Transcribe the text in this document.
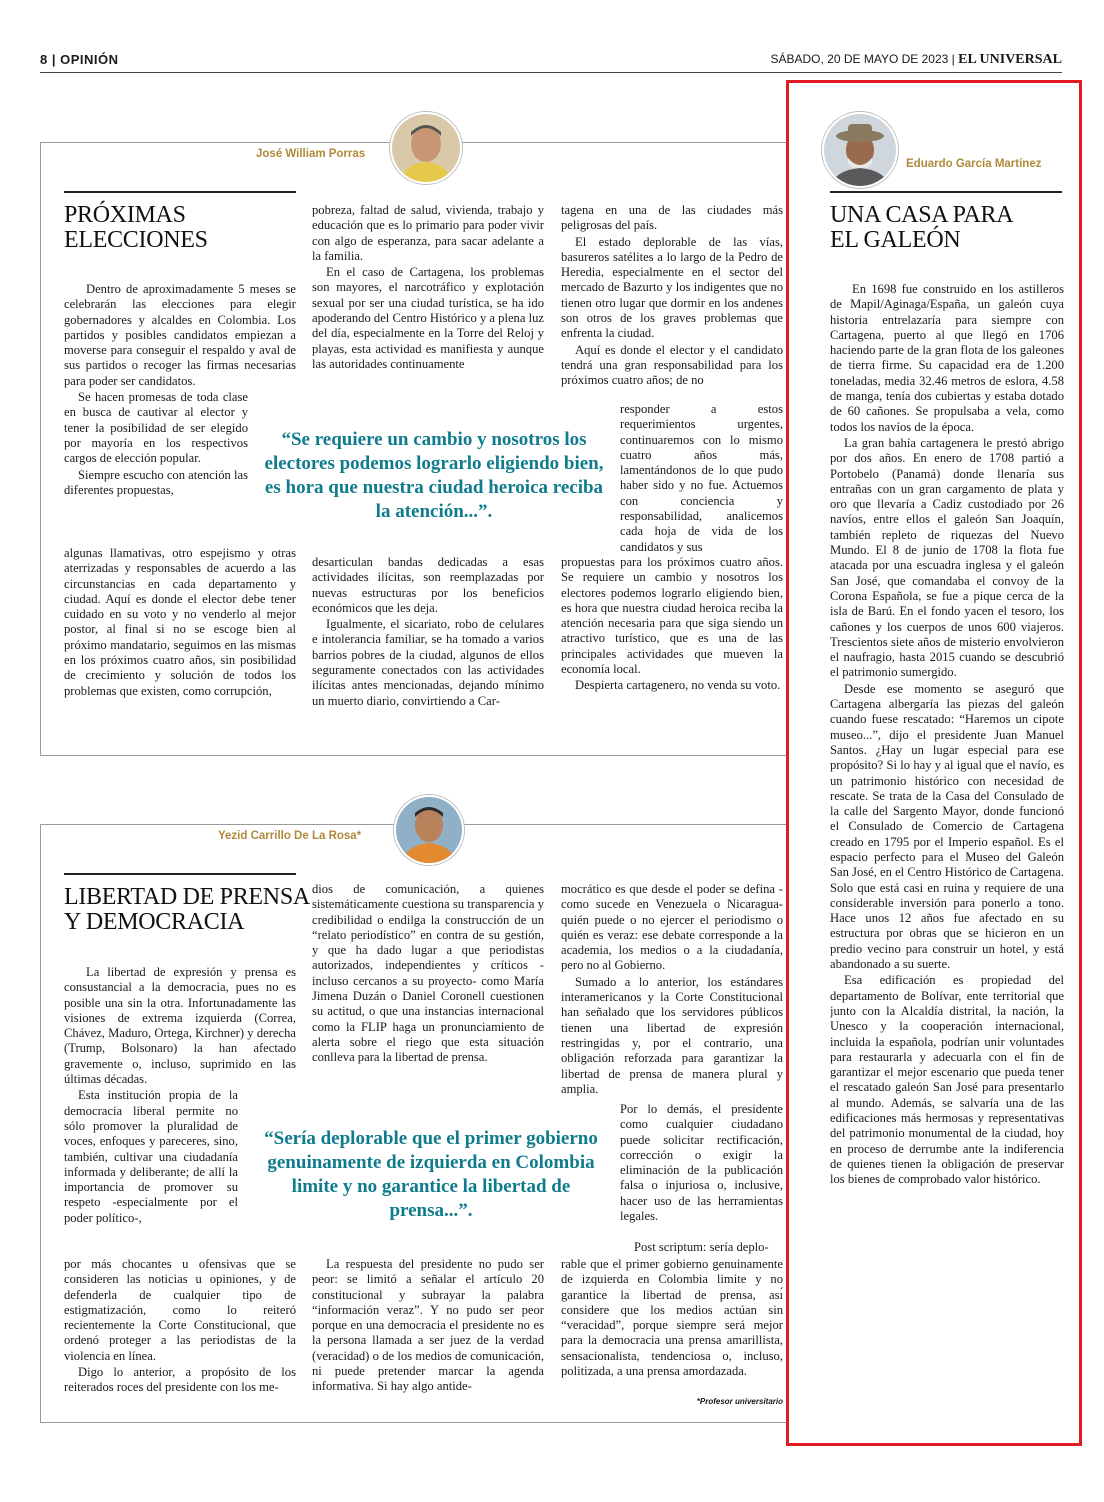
8 | OPINIÓN	SÁBADO, 20 DE MAYO DE 2023 | EL UNIVERSAL
José William Porras
PRÓXIMAS
ELECCIONES

Dentro de aproximadamente 5 meses se celebrarán las elecciones para elegir gobernadores y alcaldes en Colombia. Los partidos y posibles candidatos empiezan a moverse para conseguir el respaldo y aval de sus partidos o recoger las firmas necesarias para poder ser candidatos.

Se hacen promesas de toda clase en busca de cautivar al elector y tener la posibilidad de ser elegido por mayoría en los respectivos cargos de elección popular.

Siempre escucho con atención las diferentes propuestas,

algunas llamativas, otro espejismo y otras aterrizadas y responsables de acuerdo a las circunstancias en cada departamento y ciudad. Aquí es donde el elector debe tener cuidado en su voto y no venderlo al mejor postor, al final si no se escoge bien al próximo mandatario, seguimos en las mismas en los próximos cuatro años, sin posibilidad de crecimiento y solución de todos los problemas que existen, como corrupción,

pobreza, faltad de salud, vivienda, trabajo y educación que es lo primario para poder vivir con algo de esperanza, para sacar adelante a la familia.

En el caso de Cartagena, los problemas son mayores, el narcotráfico y explotación sexual por ser una ciudad turística, se ha ido apoderando del Centro Histórico y a plena luz del día, especialmente en la Torre del Reloj y playas, esta actividad es manifiesta y aunque las autoridades continuamente

“Se requiere un cambio y nosotros los electores podemos lograrlo eligiendo bien, es hora que nuestra ciudad heroica reciba la atención...”.

desarticulan bandas dedicadas a esas actividades ilícitas, son reemplazadas por nuevas estructuras por los beneficios económicos que les deja.

Igualmente, el sicariato, robo de celulares e intolerancia familiar, se ha tomado a varios barrios pobres de la ciudad, algunos de ellos seguramente conectados con las actividades ilícitas antes mencionadas, dejando mínimo un muerto diario, convirtiendo a Car-

tagena en una de las ciudades más peligrosas del país.

El estado deplorable de las vías, basureros satélites a lo largo de la Pedro de Heredia, especialmente en el sector del mercado de Bazurto y los indigentes que no tienen otro lugar que dormir en los andenes son otros de los graves problemas que enfrenta la ciudad.

Aquí es donde el elector y el candidato tendrá una gran responsabilidad para los próximos cuatro años; de no

responder a estos requerimientos urgentes, continuaremos con lo mismo cuatro años más, lamentándonos de lo que pudo haber sido y no fue. Actuemos con conciencia y responsabilidad, analicemos cada hoja de vida de los candidatos y sus

propuestas para los próximos cuatro años. Se requiere un cambio y nosotros los electores podemos lograrlo eligiendo bien, es hora que nuestra ciudad heroica reciba la atención necesaria para que siga siendo un atractivo turístico, que es una de las principales actividades que mueven la economía local.

Despierta cartagenero, no venda su voto.

Yezid Carrillo De La Rosa*
LIBERTAD DE PRENSA
Y DEMOCRACIA

La libertad de expresión y prensa es consustancial a la democracia, pues no es posible una sin la otra. Infortunadamente las visiones de extrema izquierda (Correa, Chávez, Maduro, Ortega, Kirchner) y derecha (Trump, Bolsonaro) la han afectado gravemente o, incluso, suprimido en las últimas décadas.

Esta institución propia de la democracia liberal permite no sólo promover la pluralidad de voces, enfoques y pareceres, sino, también, cultivar una ciudadanía informada y deliberante; de allí la importancia de promover su respeto -especialmente por el poder político-,

por más chocantes u ofensivas que se consideren las noticias u opiniones, y de defenderla de cualquier tipo de estigmatización, como lo reiteró recientemente la Corte Constitucional, que ordenó proteger a las periodistas de la violencia en línea.

Digo lo anterior, a propósito de los reiterados roces del presidente con los me-

dios de comunicación, a quienes sistemáticamente cuestiona su transparencia y credibilidad o endilga la construcción de un “relato periodístico” en contra de su gestión, y que ha dado lugar a que periodistas autorizados, independientes y críticos - incluso cercanos a su proyecto- como María Jimena Duzán o Daniel Coronell cuestionen su actitud, o que una instancias internacional como la FLIP haga un pronunciamiento de alerta sobre el riego que esta situación conlleva para la libertad de prensa.

“Sería deplorable que el primer gobierno genuinamente de izquierda en Colombia limite y no garantice la libertad de prensa...”.

La respuesta del presidente no pudo ser peor: se limitó a señalar el artículo 20 constitucional y subrayar la palabra “información veraz”. Y no pudo ser peor porque en una democracia el presidente no es la persona llamada a ser juez de la verdad (veracidad) o de los medios de comunicación, ni puede pretender marcar la agenda informativa. Si hay algo antide-

mocrático es que desde el poder se defina -como sucede en Venezuela o Nicaragua- quién puede o no ejercer el periodismo o quién es veraz: ese debate corresponde a la academia, los medios o a la ciudadanía, pero no al Gobierno.

Sumado a lo anterior, los estándares interamericanos y la Corte Constitucional han señalado que los servidores públicos tienen una libertad de expresión restringidas y, por el contrario, una obligación reforzada para garantizar la libertad de prensa de manera plural y amplia.

Por lo demás, el presidente como cualquier ciudadano puede solicitar rectificación, corrección o exigir la eliminación de la publicación falsa o injuriosa o, inclusive, hacer uso de las herramientas legales.

Post scriptum: sería deplo-

rable que el primer gobierno genuinamente de izquierda en Colombia limite y no garantice la libertad de prensa, ası́ considere que los medios actúan sin “veracidad”, porque siempre será mejor para la democracia una prensa amarillista, sensacionalista, tendenciosa o, incluso, politizada, a una prensa amordazada.

*Profesor universitario
Eduardo García Martínez
UNA CASA PARA
EL GALEÓN

En 1698 fue construido en los astilleros de Mapil/Aginaga/España, un galeón cuya historia entrelazaría para siempre con Cartagena, puerto al que llegó en 1706 haciendo parte de la gran flota de los galeones de tierra firme. Su capacidad era de 1.200 toneladas, media 32.46 metros de eslora, 4.58 de manga, tenía dos cubiertas y estaba dotado de 60 cañones. Se propulsaba a vela, como todos los navíos de la época.

La gran bahía cartagenera le prestó abrigo por dos años. En enero de 1708 partió a Portobelo (Panamá) donde llenaría sus entrañas con un gran cargamento de plata y oro que llevaría a Cadiz custodiado por 26 navíos, entre ellos el galeón San Joaquín, también repleto de riquezas del Nuevo Mundo. El 8 de junio de 1708 la flota fue atacada por una escuadra inglesa y el galeón San José, que comandaba el convoy de la Corona Española, se fue a pique cerca de la isla de Barú. En el fondo yacen el tesoro, los cañones y los cuerpos de unos 600 viajeros. Trescientos siete años de misterio envolvieron el naufragio, hasta 2015 cuando se descubrió el patrimonio sumergido.

Desde ese momento se aseguró que Cartagena albergaría las piezas del galeón cuando fuese rescatado: “Haremos un cipote museo...”, dijo el presidente Juan Manuel Santos. ¿Hay un lugar especial para ese propósito? Si lo hay y al igual que el navío, es un patrimonio histórico con necesidad de rescate. Se trata de la Casa del Consulado de la calle del Sargento Mayor, donde funcionó el Consulado de Comercio de Cartagena creado en 1795 por el Imperio español. Es el espacio perfecto para el Museo del Galeón San José, en el Centro Histórico de Cartagena. Solo que está casi en ruina y requiere de una considerable inversión para ponerlo a tono. Hace unos 12 años fue afectado en su estructura por obras que se hicieron en un predio vecino para construir un hotel, y está abandonado a su suerte.

Esa edificación es propiedad del departamento de Bolívar, ente territorial que junto con la Alcaldía distrital, la nación, la Unesco y la cooperación internacional, incluida la española, podrían unir voluntades para restaurarla y adecuarla con el fin de garantizar el mejor escenario que pueda tener el rescatado galeón San José para presentarlo al mundo. Además, se salvaría una de las edificaciones más hermosas y representativas del patrimonio monumental de la ciudad, hoy en proceso de derrumbe ante la indiferencia de quienes tienen la obligación de preservar los bienes de comprobado valor histórico.
